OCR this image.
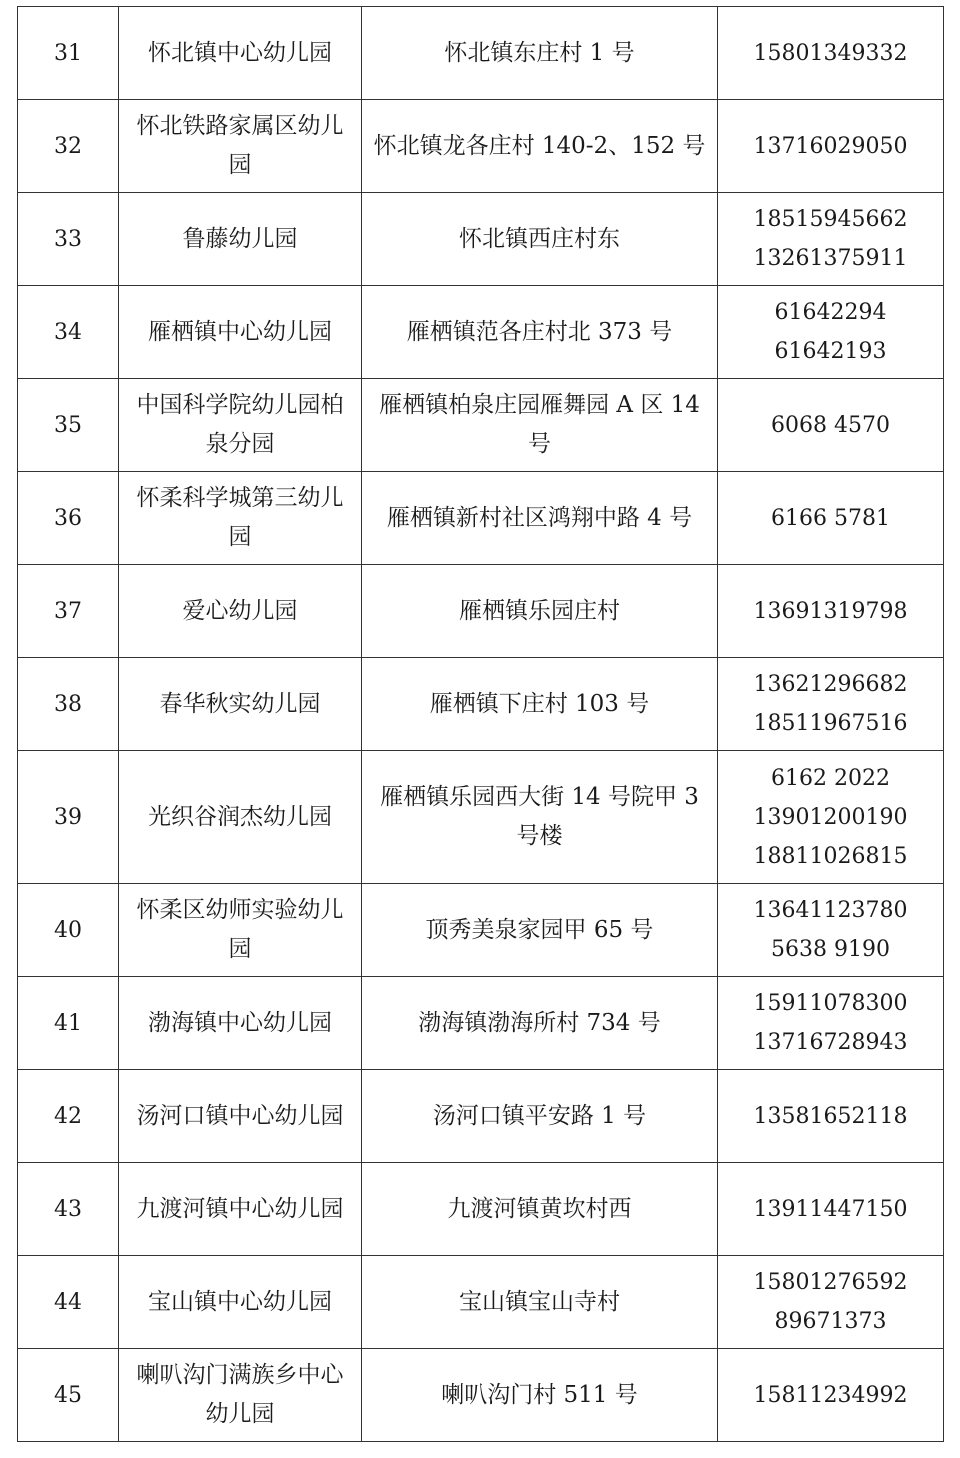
31	怀北镇中心幼儿园	怀北镇东庄村 1 号	15801349332

32	怀北铁路家属区幼儿园	怀北镇龙各庄村 140-2、152 号	13716029050

33	鲁藤幼儿园	怀北镇西庄村东	18515945662
13261375911

34	雁栖镇中心幼儿园	雁栖镇范各庄村北 373 号	61642294
61642193

35	中国科学院幼儿园柏泉分园	雁栖镇柏泉庄园雁舞园 A 区 14 号	6068 4570

36	怀柔科学城第三幼儿园	雁栖镇新村社区鸿翔中路 4 号	6166 5781

37	爱心幼儿园	雁栖镇乐园庄村	13691319798

38	春华秋实幼儿园	雁栖镇下庄村 103 号	13621296682
18511967516

39	光织谷润杰幼儿园	雁栖镇乐园西大街 14 号院甲 3 号楼	6162 2022
13901200190
18811026815

40	怀柔区幼师实验幼儿园	顶秀美泉家园甲 65 号	13641123780
5638 9190

41	渤海镇中心幼儿园	渤海镇渤海所村 734 号	15911078300
13716728943

42	汤河口镇中心幼儿园	汤河口镇平安路 1 号	13581652118

43	九渡河镇中心幼儿园	九渡河镇黄坎村西	13911447150

44	宝山镇中心幼儿园	宝山镇宝山寺村	15801276592
89671373

45	喇叭沟门满族乡中心幼儿园	喇叭沟门村 511 号	15811234992
